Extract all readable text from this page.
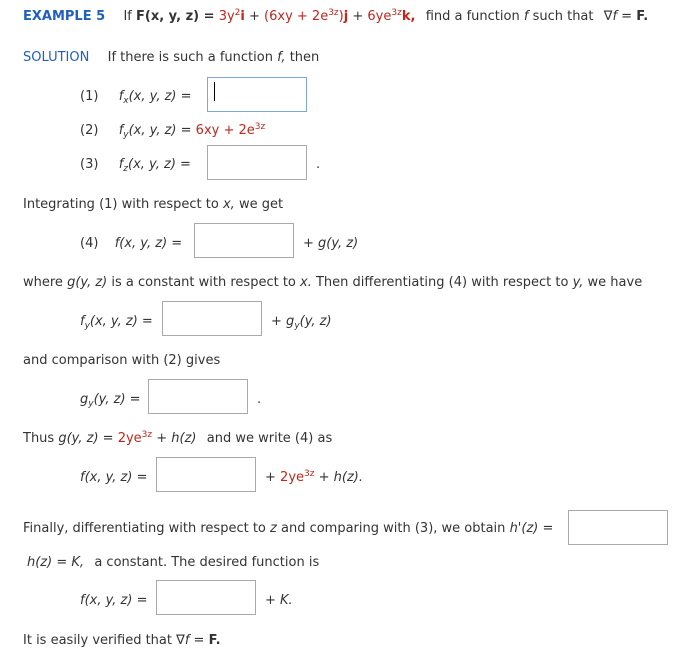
EXAMPLE 5 If F(x, y, $z) = 3y^2i + (6xy + 2e^{3z})j + 6ye^{3z}k$, find a function f such that ∇f = F.
SOLUTION If there is such a function f, then
(1) $f_x(x$, y, z) =
(2) $f_y(x$, y, $z) = 6xy + 2e^{3z}$
(3) $f_z(x$, y, z) =	.
Integrating (1) with respect to x, we get
(4) f(x, y, z) =	+ g(y, z)
where g(y, z) is a constant with respect to x. Then differentiating (4) with respect to y, we have
$f_y(x$, y, z) =	+ $g_y(y$, z)
and comparison with (2) gives
$g_y(y$, z) =	.
Thus g(y, $z) = 2ye^{3z} + h(z)$ and we write (4) as
f(x, y, z) =	+ $2ye^{3z} + h(z)$.
Finally, differentiating with respect to z and comparing with (3), we obtain h'(z) =
h(z) = K, a constant. The desired function is
f(x, y, z) =	+ K.
It is easily verified that ∇f = F.
